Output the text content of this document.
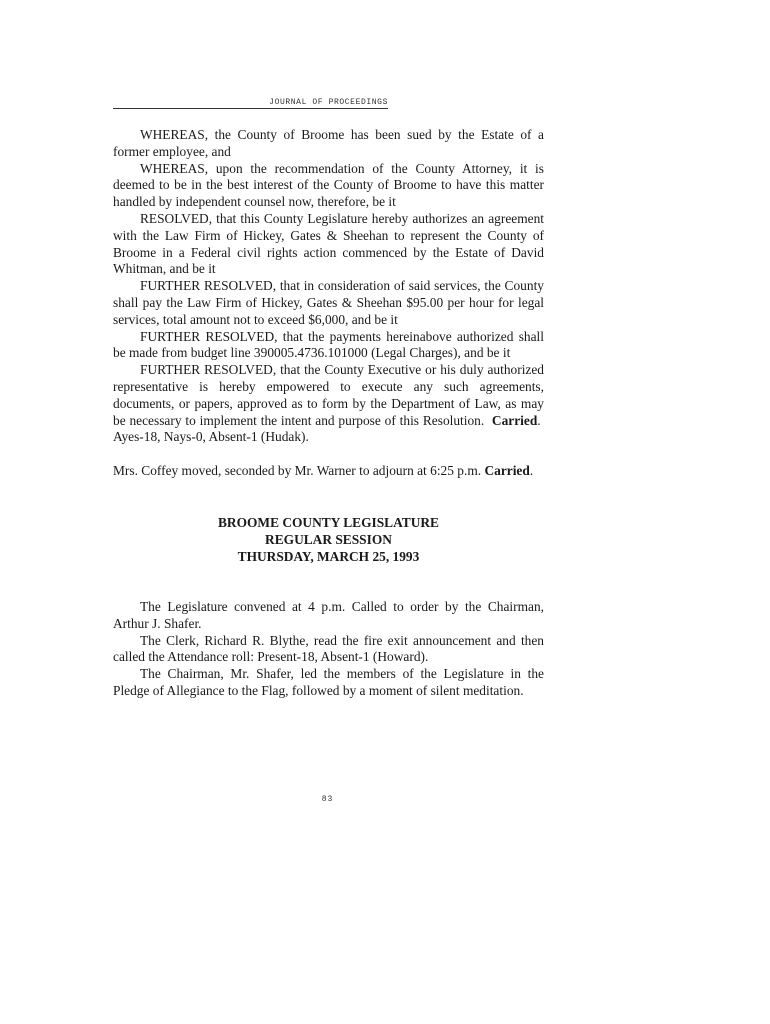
JOURNAL OF PROCEEDINGS

WHEREAS, the County of Broome has been sued by the Estate of a former employee, and

WHEREAS, upon the recommendation of the County Attorney, it is deemed to be in the best interest of the County of Broome to have this matter handled by independent counsel now, therefore, be it

RESOLVED, that this County Legislature hereby authorizes an agreement with the Law Firm of Hickey, Gates & Sheehan to represent the County of Broome in a Federal civil rights action commenced by the Estate of David Whitman, and be it

FURTHER RESOLVED, that in consideration of said services, the County shall pay the Law Firm of Hickey, Gates & Sheehan $95.00 per hour for legal services, total amount not to exceed $6,000, and be it

FURTHER RESOLVED, that the payments hereinabove authorized shall be made from budget line 390005.4736.101000 (Legal Charges), and be it

FURTHER RESOLVED, that the County Executive or his duly authorized representative is hereby empowered to execute any such agreements, documents, or papers, approved as to form by the Department of Law, as may be necessary to implement the intent and purpose of this Resolution. Carried.  Ayes-18, Nays-0, Absent-1 (Hudak).

Mrs. Coffey moved, seconded by Mr. Warner to adjourn at 6:25 p.m. Carried.

BROOME COUNTY LEGISLATURE

REGULAR SESSION

THURSDAY, MARCH 25, 1993

The Legislature convened at 4 p.m. Called to order by the Chairman, Arthur J. Shafer.

The Clerk, Richard R. Blythe, read the fire exit announcement and then called the Attendance roll: Present-18, Absent-1 (Howard).

The Chairman, Mr. Shafer, led the members of the Legislature in the Pledge of Allegiance to the Flag, followed by a moment of silent meditation.

83
